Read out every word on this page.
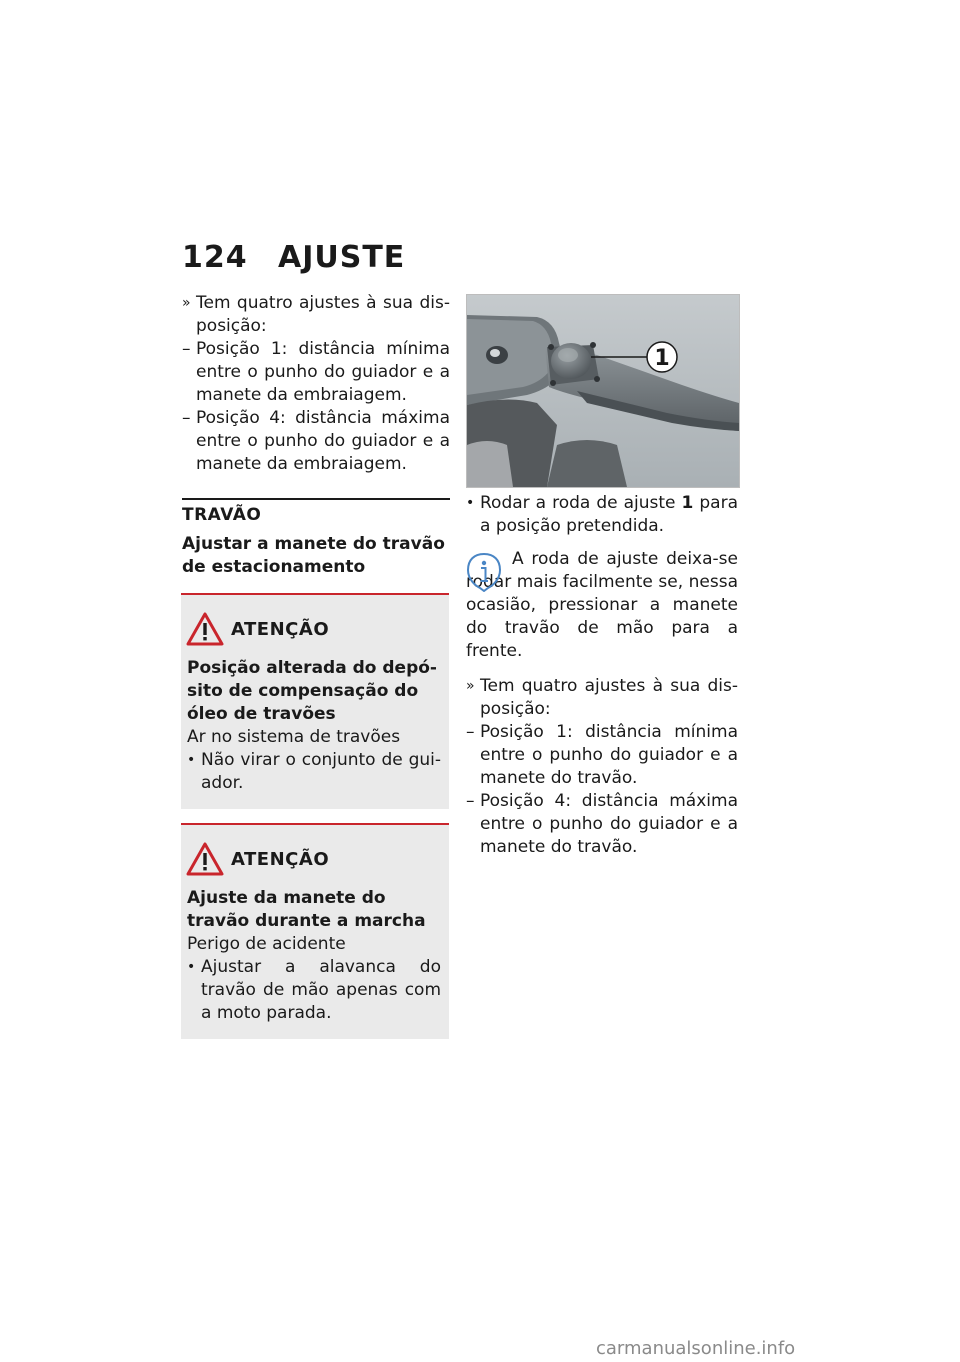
124 AJUSTE

» Tem quatro ajustes à sua dis-posição:

– Posição 1: distância mínima entre o punho do guiador e a manete da embraiagem.

– Posição 4: distância máxima entre o punho do guiador e a manete da embraiagem.

TRAVÃO
Ajustar a manete do travão de estacionamento
ATENÇÃO
Posição alterada do depó-sito de compensação do óleo de travões
Ar no sistema de travões

• Não virar o conjunto de gui-ador.

ATENÇÃO
Ajuste da manete do travão durante a marcha
Perigo de acidente

• Ajustar a alavanca do travão de mão apenas com a moto parada.

1

• Rodar a roda de ajuste 1 para a posição pretendida.

A roda de ajuste deixa-se rodar mais facilmente se, nessa ocasião, pressionar a manete do travão de mão para a frente.

» Tem quatro ajustes à sua dis-posição:

– Posição 1: distância mínima entre o punho do guiador e a manete do travão.

– Posição 4: distância máxima entre o punho do guiador e a manete do travão.

carmanualsonline.info
